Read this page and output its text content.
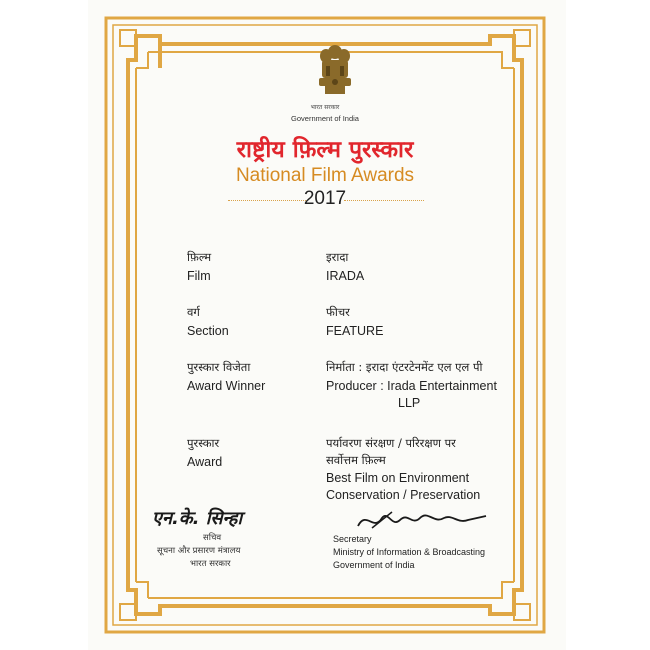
भारत सरकार
Government of India
राष्ट्रीय फ़िल्म पुरस्कार
National Film Awards
2017
फ़िल्म
Film
इरादा
IRADA
वर्ग
Section
फीचर
FEATURE
पुरस्कार विजेता
Award Winner
निर्माता : इरादा एंटरटेनमेंट एल एल पी
Producer : Irada Entertainment
LLP
पुरस्कार
Award
पर्यावरण संरक्षण / परिरक्षण पर
सर्वोत्तम फ़िल्म
Best Film on Environment
Conservation / Preservation
एन.के. सिन्हा
सचिव
सूचना और प्रसारण मंत्रालय
भारत सरकार
Secretary
Ministry of Information & Broadcasting
Government of India
